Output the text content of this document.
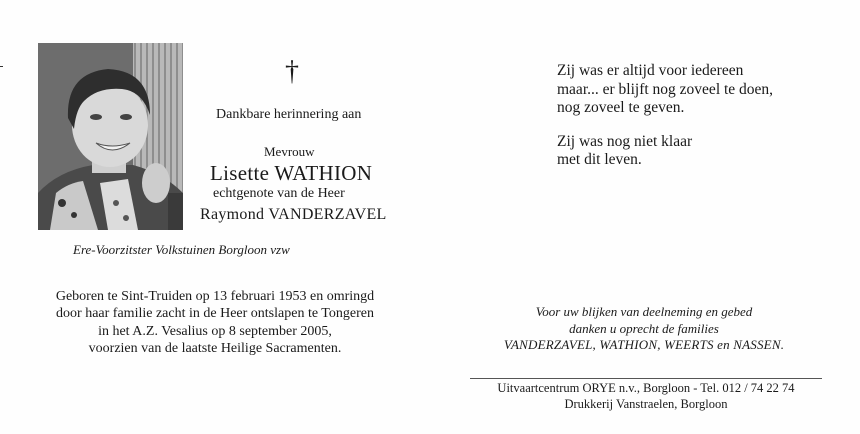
†
Dankbare herinnering aan
Mevrouw
Lisette WATHION
echtgenote van de Heer
Raymond VANDERZAVEL
Ere-Voorzitster Volkstuinen Borgloon vzw
Geboren te Sint-Truiden op 13 februari 1953 en omringd
door haar familie zacht in de Heer ontslapen te Tongeren
in het A.Z. Vesalius op 8 september 2005,
voorzien van de laatste Heilige Sacramenten.
Zij was er altijd voor iedereen
maar... er blijft nog zoveel te doen,
nog zoveel te geven.
Zij was nog niet klaar
met dit leven.
Voor uw blijken van deelneming en gebed
danken u oprecht de families
VANDERZAVEL, WATHION, WEERTS en NASSEN.
Uitvaartcentrum ORYE n.v., Borgloon - Tel. 012 / 74 22 74
Drukkerij Vanstraelen, Borgloon
